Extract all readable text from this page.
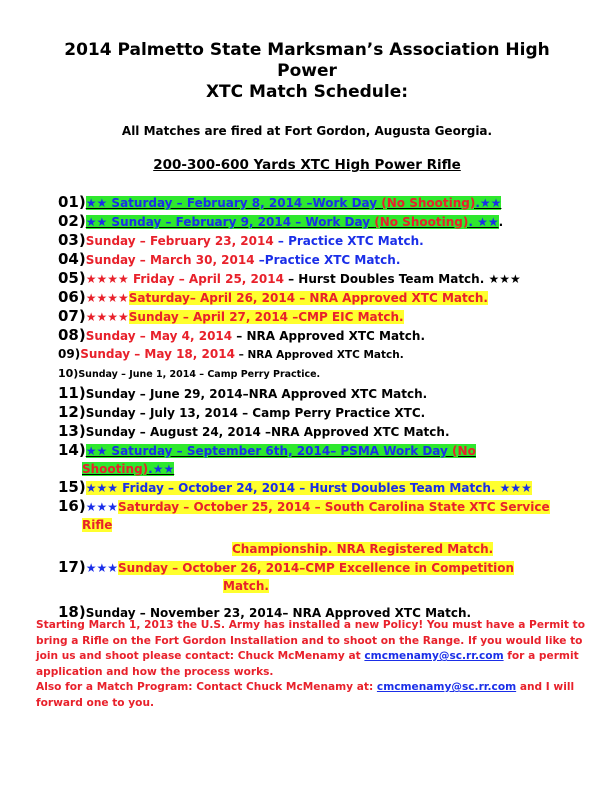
2014 Palmetto State Marksman’s Association High
Power
XTC Match Schedule:
All Matches are fired at Fort Gordon, Augusta Georgia.
200-300-600 Yards XTC High Power Rifle
01)★★ Saturday – February 8, 2014 –Work Day (No Shooting).★★
02)★★ Sunday – February 9, 2014 – Work Day (No Shooting). ★★.
03)Sunday – February 23, 2014 – Practice XTC Match.
04)Sunday – March 30, 2014 –Practice XTC Match.
05)★★★★ Friday – April 25, 2014 – Hurst Doubles Team Match. ★★★
06)★★★★Saturday– April 26, 2014 – NRA Approved XTC Match.
07)★★★★Sunday – April 27, 2014 –CMP EIC Match.
08)Sunday – May 4, 2014 – NRA Approved XTC Match.
09)Sunday – May 18, 2014 – NRA Approved XTC Match.
10)Sunday – June 1, 2014 – Camp Perry Practice.
11)Sunday – June 29, 2014–NRA Approved XTC Match.
12)Sunday – July 13, 2014 – Camp Perry Practice XTC.
13)Sunday – August 24, 2014 –NRA Approved XTC Match.
14)★★ Saturday – September 6th, 2014– PSMA Work Day (No
Shooting).★★
15)★★★ Friday – October 24, 2014 – Hurst Doubles Team Match. ★★★
16)★★★Saturday – October 25, 2014 – South Carolina State XTC Service
Rifle
Championship. NRA Registered Match.
17)★★★Sunday – October 26, 2014–CMP Excellence in Competition
Match.
18)Sunday – November 23, 2014– NRA Approved XTC Match.
Starting March 1, 2013 the U.S. Army has installed a new Policy! You must have a Permit to bring a Rifle on the Fort Gordon Installation and to shoot on the Range. If you would like to join us and shoot please contact: Chuck McMenamy at cmcmenamy@sc.rr.com for a permit application and how the process works.
Also for a Match Program: Contact Chuck McMenamy at: cmcmenamy@sc.rr.com and I will forward one to you.
